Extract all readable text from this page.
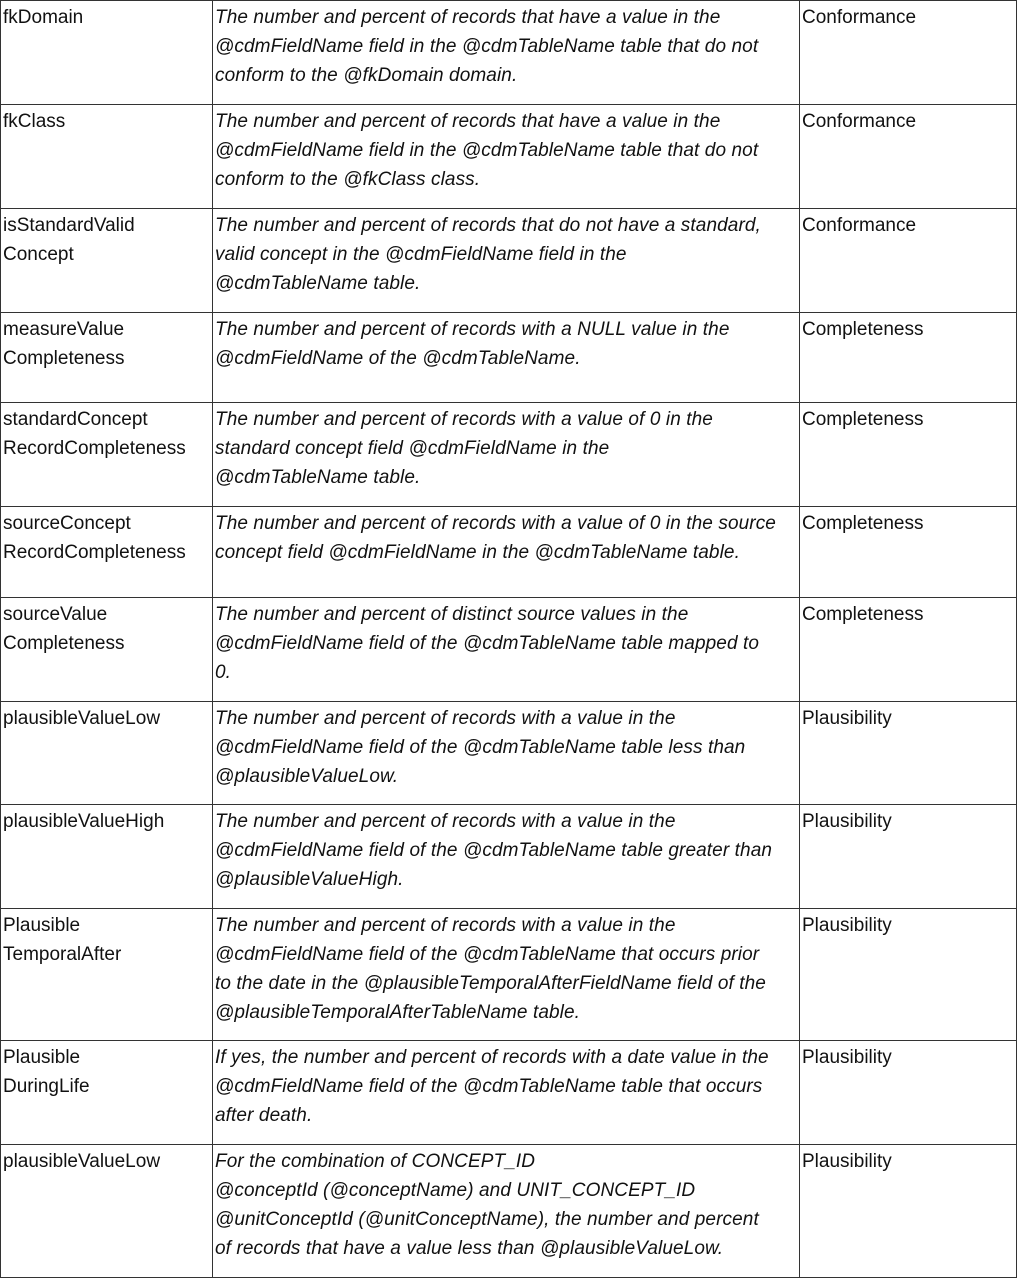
fkDomain	The number and percent of records that have a value in the
@cdmFieldName field in the @cdmTableName table that do not
conform to the @fkDomain domain.	Conformance

fkClass	The number and percent of records that have a value in the
@cdmFieldName field in the @cdmTableName table that do not
conform to the @fkClass class.	Conformance

isStandardValid
Concept	The number and percent of records that do not have a standard,
valid concept in the @cdmFieldName field in the
@cdmTableName table.	Conformance

measureValue
Completeness	The number and percent of records with a NULL value in the
@cdmFieldName of the @cdmTableName.	Completeness

standardConcept
RecordCompleteness	The number and percent of records with a value of 0 in the
standard concept field @cdmFieldName in the
@cdmTableName table.	Completeness

sourceConcept
RecordCompleteness	The number and percent of records with a value of 0 in the source
concept field @cdmFieldName in the @cdmTableName table.	Completeness

sourceValue
Completeness	The number and percent of distinct source values in the
@cdmFieldName field of the @cdmTableName table mapped to
0.	Completeness

plausibleValueLow	The number and percent of records with a value in the
@cdmFieldName field of the @cdmTableName table less than
@plausibleValueLow.	Plausibility

plausibleValueHigh	The number and percent of records with a value in the
@cdmFieldName field of the @cdmTableName table greater than
@plausibleValueHigh.	Plausibility

Plausible
TemporalAfter	The number and percent of records with a value in the
@cdmFieldName field of the @cdmTableName that occurs prior
to the date in the @plausibleTemporalAfterFieldName field of the
@plausibleTemporalAfterTableName table.	Plausibility

Plausible
DuringLife	If yes, the number and percent of records with a date value in the
@cdmFieldName field of the @cdmTableName table that occurs
after death.	Plausibility

plausibleValueLow	For the combination of CONCEPT_ID
@conceptId (@conceptName) and UNIT_CONCEPT_ID
@unitConceptId (@unitConceptName), the number and percent
of records that have a value less than @plausibleValueLow.	Plausibility
